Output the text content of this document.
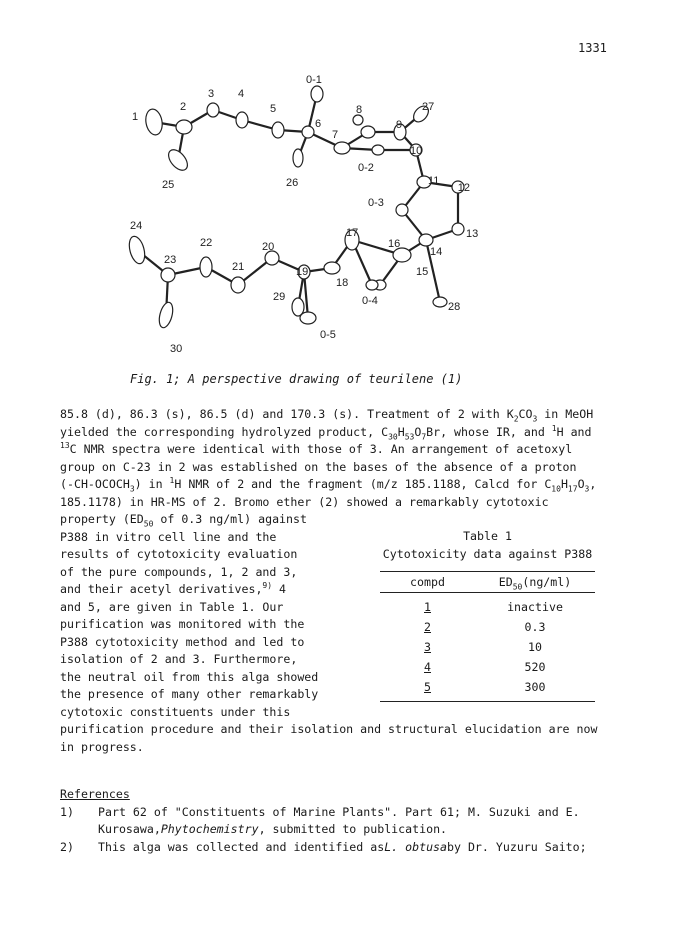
1331
1
2
3 4
5
6
7
8
9
10
11
12
13
14
15
16
17
18
19
20
21
22
23
24
25	26
27
28
29
30
0-1
0-2
0-3
0-4
0-5
Fig. 1; A perspective drawing of teurilene (1)
85.8 (d), 86.3 (s), 86.5 (d) and 170.3 (s). Treatment of 2 with $K_2CO_3$ in MeOH
yielded the corresponding hydrolyzed product, $C_{30}H_{53}O_7Br$, whose IR, and $^1$H and
$^{13}$C NMR spectra were identical with those of 3. An arrangement of acetoxyl
group on C-23 in 2 was established on the bases of the absence of a proton
$(-CH-OCOCH_3)$ in $^1$H NMR of 2 and the fragment (m/z 185.1188, Calcd for $C_{10}H_{17}O_3$,
185.1178) in HR-MS of 2. Bromo ether (2) showed a remarkably cytotoxic
property ($ED_{50}$ of 0.3 ng/ml) against
P388 in vitro cell line and the
results of cytotoxicity evaluation
of the pure compounds, 1, 2 and 3,
and their acetyl derivatives,$^{9)}$ 4
and 5, are given in Table 1. Our
purification was monitored with the
P388 cytotoxicity method and led to
isolation of 2 and 3. Furthermore,
the neutral oil from this alga showed
the presence of many other remarkably
cytotoxic constituents under this
purification procedure and their isolation and structural elucidation are now
in progress.
Table 1
Cytotoxicity data against P388
compd	$ED_{50}(ng/ml)$
1	inactive
2	0.3
3	10
4	520
5	300
References
1)	Part 62 of "Constituents of Marine Plants". Part 61; M. Suzuki and E.
Kurosawa, Phytochemistry , submitted to publication.
2)	This alga was collected and identified as L. obtusa by Dr. Yuzuru Saito;
